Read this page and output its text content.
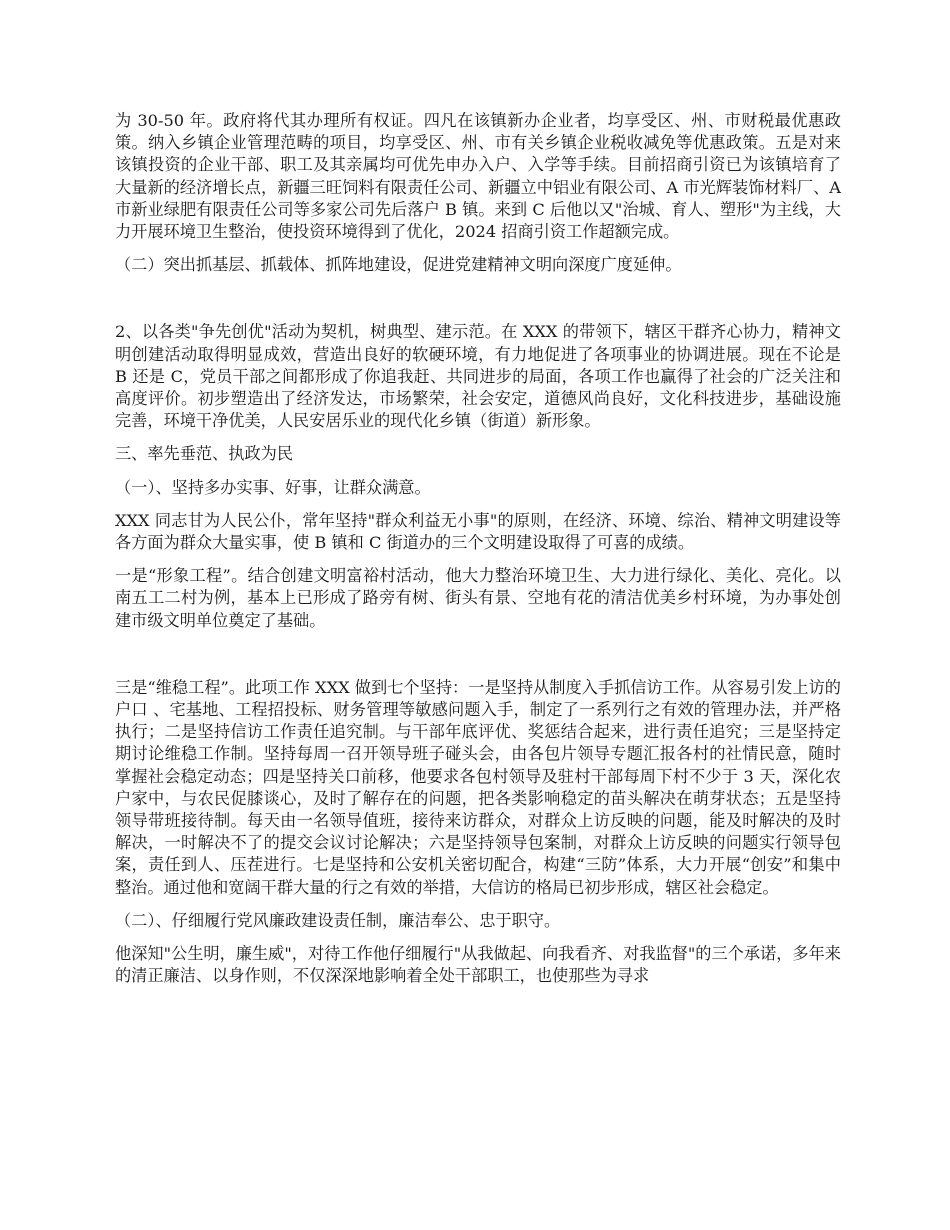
为 30-50 年。政府将代其办理所有权证。四凡在该镇新办企业者，均享受区、州、市财税最优惠政策。纳入乡镇企业管理范畴的项目，均享受区、州、市有关乡镇企业税收减免等优惠政策。五是对来该镇投资的企业干部、职工及其亲属均可优先申办入户、入学等手续。目前招商引资已为该镇培育了大量新的经济增长点，新疆三旺饲料有限责任公司、新疆立中铝业有限公司、A 市光辉装饰材料厂、A 市新业绿肥有限责任公司等多家公司先后落户 B 镇。来到 C 后他以又"治城、育人、塑形"为主线，大力开展环境卫生整治，使投资环境得到了优化，2024 招商引资工作超额完成。

（二）突出抓基层、抓载体、抓阵地建设，促进党建精神文明向深度广度延伸。

2、以各类"争先创优"活动为契机，树典型、建示范。在 XXX 的带领下，辖区干群齐心协力，精神文明创建活动取得明显成效，营造出良好的软硬环境，有力地促进了各项事业的协调进展。现在不论是 B 还是 C，党员干部之间都形成了你追我赶、共同进步的局面，各项工作也赢得了社会的广泛关注和高度评价。初步塑造出了经济发达，市场繁荣，社会安定，道德风尚良好，文化科技进步，基础设施完善，环境干净优美，人民安居乐业的现代化乡镇（街道）新形象。

三、率先垂范、执政为民

（一）、坚持多办实事、好事，让群众满意。

XXX 同志甘为人民公仆，常年坚持"群众利益无小事"的原则，在经济、环境、综治、精神文明建设等各方面为群众大量实事，使 B 镇和 C 街道办的三个文明建设取得了可喜的成绩。

一是“形象工程”。结合创建文明富裕村活动，他大力整治环境卫生、大力进行绿化、美化、亮化。以南五工二村为例，基本上已形成了路旁有树、街头有景、空地有花的清洁优美乡村环境，为办事处创建市级文明单位奠定了基础。

三是“维稳工程”。此项工作 XXX 做到七个坚持：一是坚持从制度入手抓信访工作。从容易引发上访的户口 、宅基地、工程招投标、财务管理等敏感问题入手，制定了一系列行之有效的管理办法，并严格执行；二是坚持信访工作责任追究制。与干部年底评优、奖惩结合起来，进行责任追究；三是坚持定期讨论维稳工作制。坚持每周一召开领导班子碰头会，由各包片领导专题汇报各村的社情民意，随时掌握社会稳定动态；四是坚持关口前移，他要求各包村领导及驻村干部每周下村不少于 3 天，深化农户家中，与农民促膝谈心，及时了解存在的问题，把各类影响稳定的苗头解决在萌芽状态；五是坚持领导带班接待制。每天由一名领导值班，接待来访群众，对群众上访反映的问题，能及时解决的及时解决，一时解决不了的提交会议讨论解决；六是坚持领导包案制，对群众上访反映的问题实行领导包案，责任到人、压茬进行。七是坚持和公安机关密切配合，构建“三防”体系，大力开展“创安”和集中整治。通过他和宽阔干群大量的行之有效的举措，大信访的格局已初步形成，辖区社会稳定。

（二）、仔细履行党风廉政建设责任制，廉洁奉公、忠于职守。

他深知"公生明，廉生威"，对待工作他仔细履行"从我做起、向我看齐、对我监督"的三个承诺，多年来的清正廉洁、以身作则，不仅深深地影响着全处干部职工，也使那些为寻求
